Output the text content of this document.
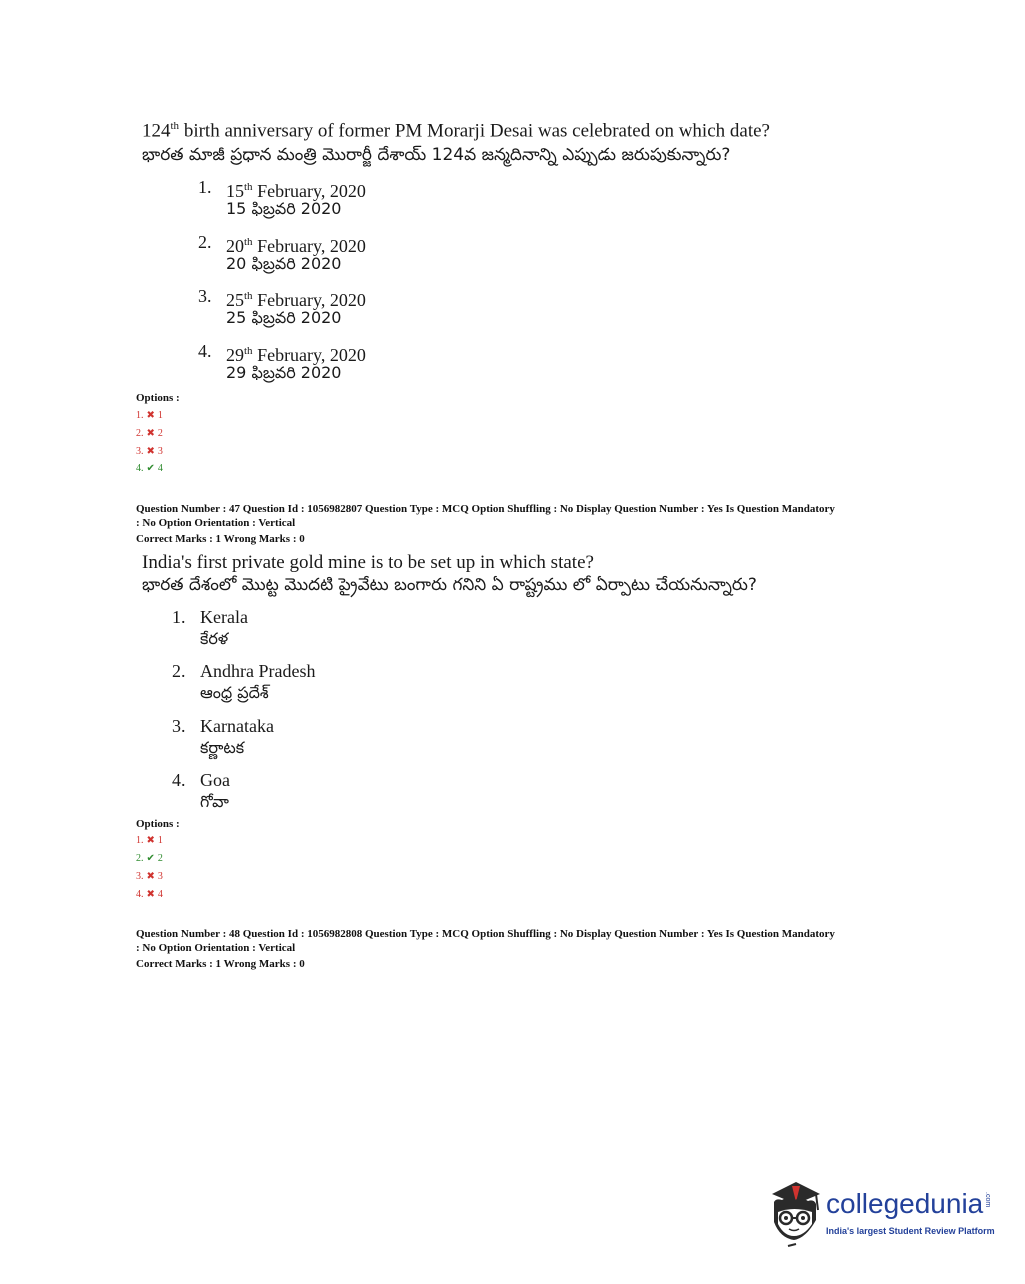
124th birth anniversary of former PM Morarji Desai was celebrated on which date?
భారత మాజీ ప్రధాన మంత్రి మొరార్జీ దేశాయ్ 124వ జన్మదినాన్ని ఎప్పుడు జరుపుకున్నారు?
1. 15th February, 2020
15 ఫిబ్రవరి 2020
2. 20th February, 2020
20 ఫిబ్రవరి 2020
3. 25th February, 2020
25 ఫిబ్రవరి 2020
4. 29th February, 2020
29 ఫిబ్రవరి 2020
Options :
1. ✖ 1
2. ✖ 2
3. ✖ 3
4. ✔ 4
Question Number : 47 Question Id : 1056982807 Question Type : MCQ Option Shuffling : No Display Question Number : Yes Is Question Mandatory
: No Option Orientation : Vertical
Correct Marks : 1 Wrong Marks : 0
India's first private gold mine is to be set up in which state?
భారత దేశంలో మొట్ట మొదటి ప్రైవేటు బంగారు గనిని ఏ రాష్ట్రము లో ఏర్పాటు చేయనున్నారు?
1. Kerala
కేరళ
2. Andhra Pradesh
ఆంధ్ర ప్రదేశ్
3. Karnataka
కర్ణాటక
4. Goa
గోవా
Options :
1. ✖ 1
2. ✔ 2
3. ✖ 3
4. ✖ 4
Question Number : 48 Question Id : 1056982808 Question Type : MCQ Option Shuffling : No Display Question Number : Yes Is Question Mandatory
: No Option Orientation : Vertical
Correct Marks : 1 Wrong Marks : 0
collegedunia .com
India's largest Student Review Platform
